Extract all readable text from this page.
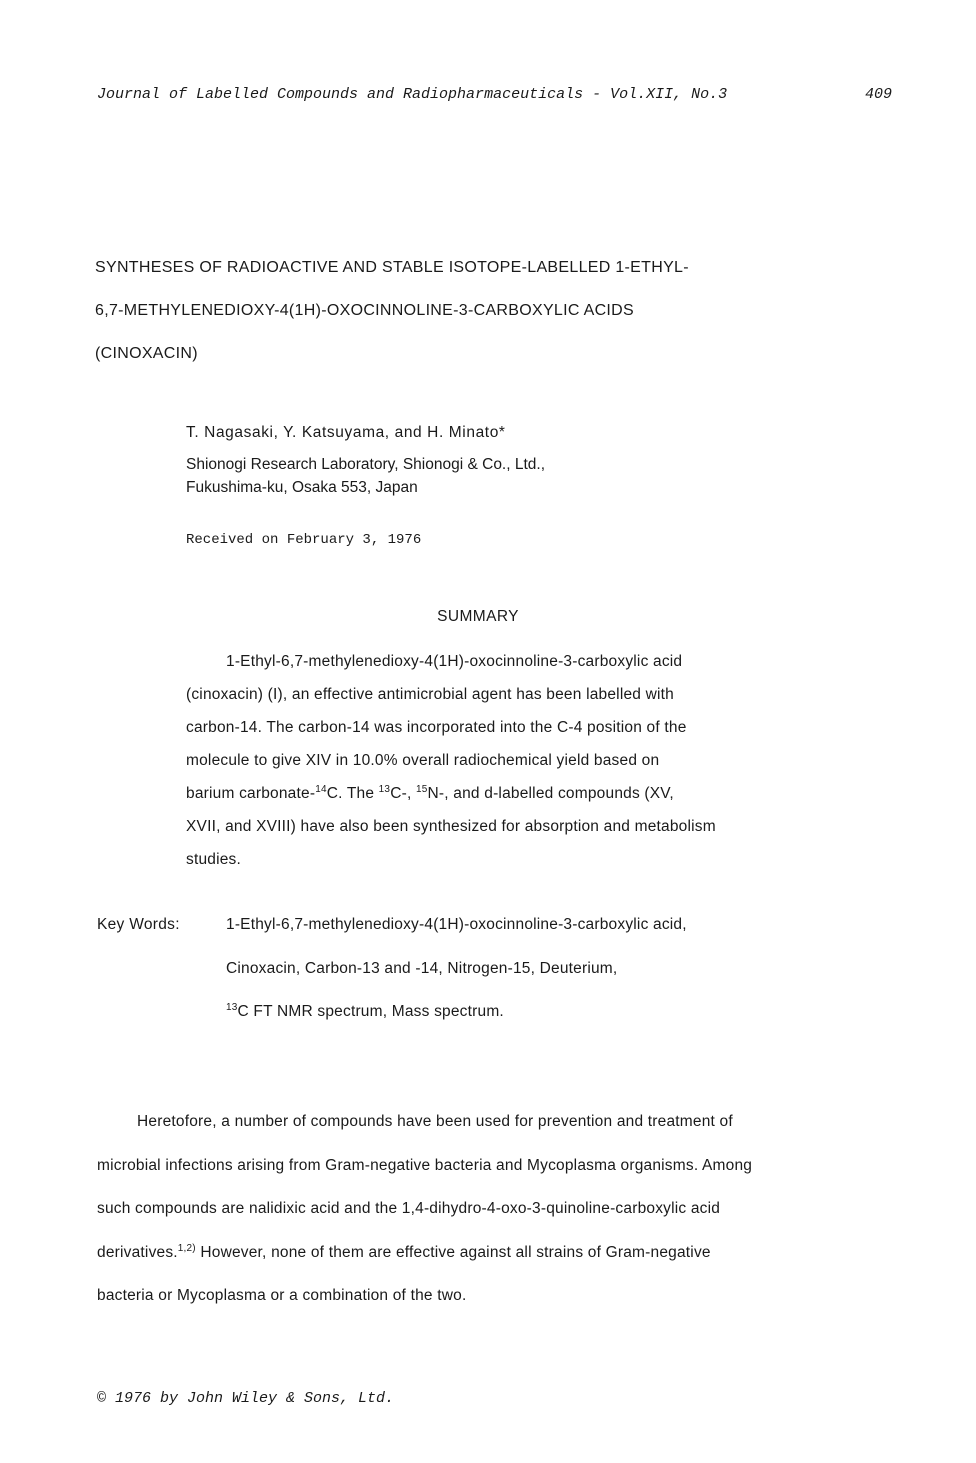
Journal of Labelled Compounds and Radiopharmaceuticals - Vol.XII, No.3	409
SYNTHESES OF RADIOACTIVE AND STABLE ISOTOPE-LABELLED 1-ETHYL-
6,7-METHYLENEDIOXY-4(1H)-OXOCINNOLINE-3-CARBOXYLIC ACIDS
(CINOXACIN)
T. Nagasaki, Y. Katsuyama, and H. Minato*
Shionogi Research Laboratory, Shionogi & Co., Ltd.,
Fukushima-ku, Osaka 553, Japan
Received on February 3, 1976
SUMMARY
1-Ethyl-6,7-methylenedioxy-4(1H)-oxocinnoline-3-carboxylic acid
(cinoxacin) (I), an effective antimicrobial agent has been labelled with
carbon-14. The carbon-14 was incorporated into the C-4 position of the
molecule to give XIV in 10.0% overall radiochemical yield based on
barium carbonate-$^{14}$C. The $^{13}$C-, $^{15}$N-, and d-labelled compounds (XV,
XVII, and XVIII) have also been synthesized for absorption and metabolism
studies.
Key Words:	1-Ethyl-6,7-methylenedioxy-4(1H)-oxocinnoline-3-carboxylic acid,
Cinoxacin, Carbon-13 and -14, Nitrogen-15, Deuterium,
$^{13}$C FT NMR spectrum, Mass spectrum.
Heretofore, a number of compounds have been used for prevention and treatment of
microbial infections arising from Gram-negative bacteria and Mycoplasma organisms. Among
such compounds are nalidixic acid and the 1,4-dihydro-4-oxo-3-quinoline-carboxylic acid
derivatives.$^{1,2)}$ However, none of them are effective against all strains of Gram-negative
bacteria or Mycoplasma or a combination of the two.
© 1976 by John Wiley & Sons, Ltd.
